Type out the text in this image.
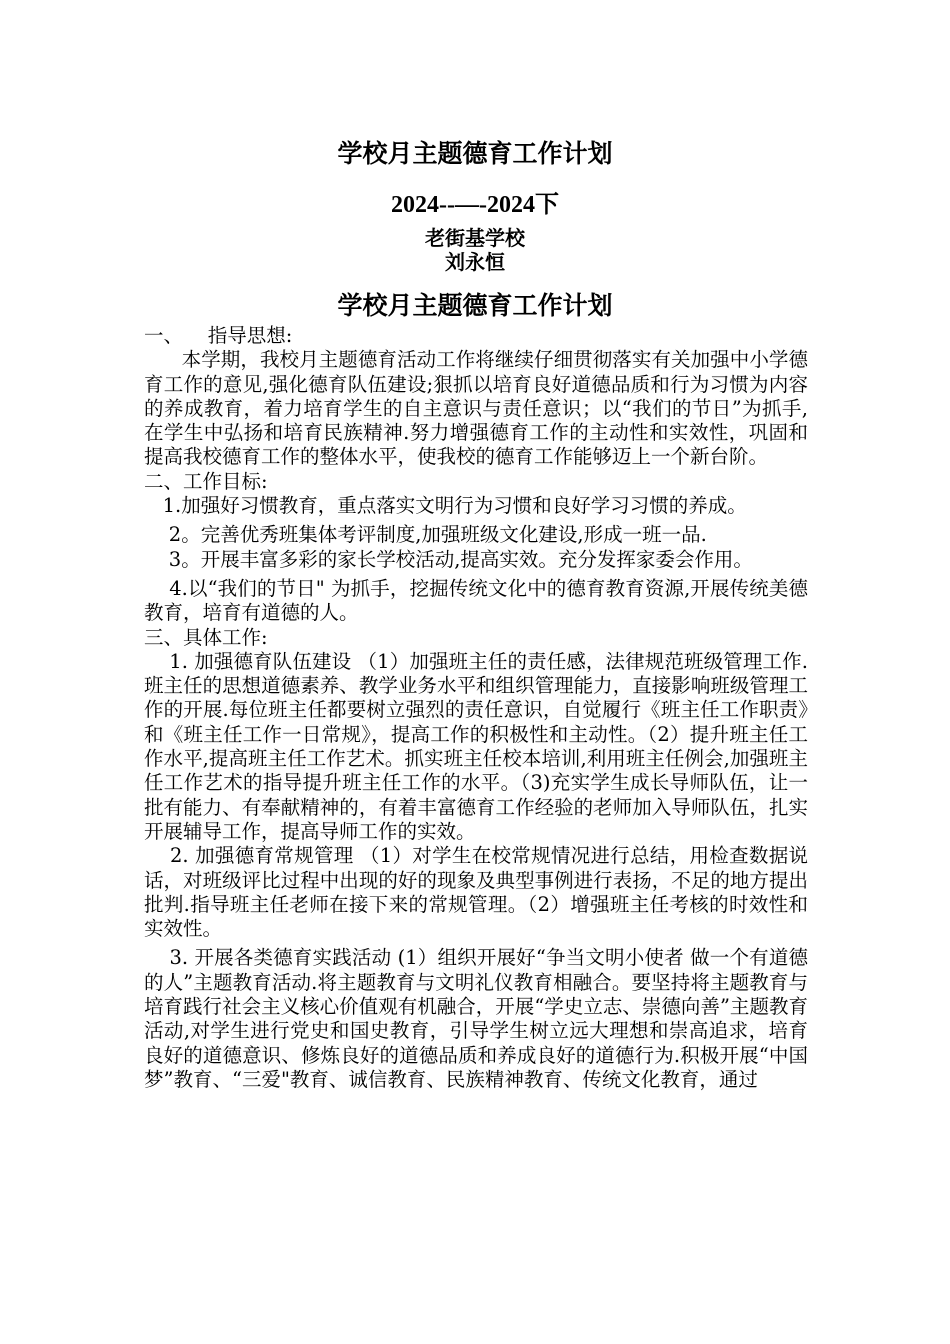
学校月主题德育工作计划
2024--—-2024下
老街基学校
刘永恒
学校月主题德育工作计划

一、    指导思想:

本学期，我校月主题德育活动工作将继续仔细贯彻落实有关加强中小学德育工作的意见,强化德育队伍建设;狠抓以培育良好道德品质和行为习惯为内容的养成教育，着力培育学生的自主意识与责任意识；以“我们的节日”为抓手,在学生中弘扬和培育民族精神.努力增强德育工作的主动性和实效性，巩固和提高我校德育工作的整体水平，使我校的德育工作能够迈上一个新台阶。

二、工作目标:

1.加强好习惯教育，重点落实文明行为习惯和良好学习习惯的养成。

2。完善优秀班集体考评制度,加强班级文化建设,形成一班一品.

3。开展丰富多彩的家长学校活动,提高实效。充分发挥家委会作用。

4.以“我们的节日" 为抓手，挖掘传统文化中的德育教育资源,开展传统美德教育，培育有道德的人。

三、具体工作:

1. 加强德育队伍建设 （1）加强班主任的责任感，法律规范班级管理工作.班主任的思想道德素养、教学业务水平和组织管理能力，直接影响班级管理工作的开展.每位班主任都要树立强烈的责任意识，自觉履行《班主任工作职责》和《班主任工作一日常规》，提高工作的积极性和主动性。（2）提升班主任工作水平,提高班主任工作艺术。抓实班主任校本培训,利用班主任例会,加强班主任工作艺术的指导提升班主任工作的水平。（3)充实学生成长导师队伍，让一批有能力、有奉献精神的，有着丰富德育工作经验的老师加入导师队伍，扎实开展辅导工作，提高导师工作的实效。

2. 加强德育常规管理 （1）对学生在校常规情况进行总结，用检查数据说话，对班级评比过程中出现的好的现象及典型事例进行表扬，不足的地方提出批判.指导班主任老师在接下来的常规管理。（2）增强班主任考核的时效性和实效性。

3. 开展各类德育实践活动 (1）组织开展好“争当文明小使者 做一个有道德的人”主题教育活动.将主题教育与文明礼仪教育相融合。要坚持将主题教育与培育践行社会主义核心价值观有机融合，开展“学史立志、崇德向善”主题教育活动,对学生进行党史和国史教育，引导学生树立远大理想和崇高追求，培育良好的道德意识、修炼良好的道德品质和养成良好的道德行为.积极开展“中国梦”教育、“三爱"教育、诚信教育、民族精神教育、传统文化教育，通过
